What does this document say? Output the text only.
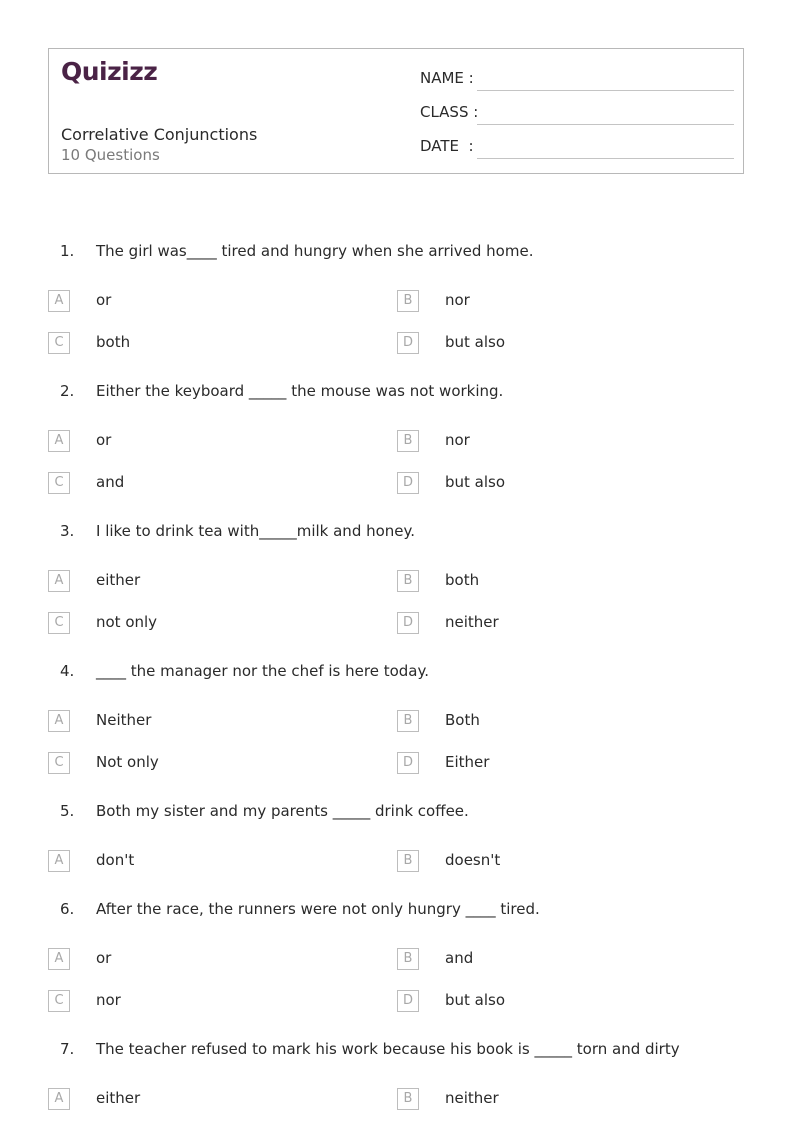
Quizizz
Correlative Conjunctions
10 Questions
NAME :
CLASS :
DATE  :
1. The girl was____ tired and hungry when she arrived home.
A	or	B	nor
C	both	D	but also
2. Either the keyboard _____ the mouse was not working.
A	or	B	nor
C	and	D	but also
3. I like to drink tea with_____milk and honey.
A	either	B	both
C	not only	D	neither
4. ____ the manager nor the chef is here today.
A	Neither	B	Both
C	Not only	D	Either
5. Both my sister and my parents _____ drink coffee.
A	don't	B	doesn't
6. After the race, the runners were not only hungry ____ tired.
A	or	B	and
C	nor	D	but also
7. The teacher refused to mark his work because his book is _____ torn and dirty
A	either	B	neither
